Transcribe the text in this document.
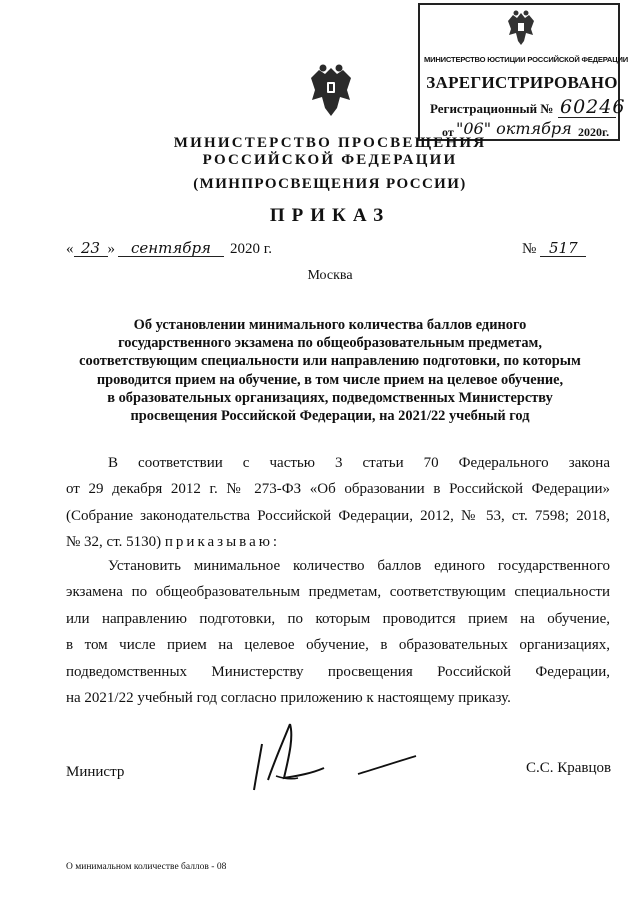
МИНИСТЕРСТВО ЮСТИЦИИ РОССИЙСКОЙ ФЕДЕРАЦИИ
ЗАРЕГИСТРИРОВАНО
Регистрационный № 60246
от "06" октября 2020г.
МИНИСТЕРСТВО ПРОСВЕЩЕНИЯ
РОССИЙСКОЙ ФЕДЕРАЦИИ
(МИНПРОСВЕЩЕНИЯ РОССИИ)
ПРИКАЗ
« 23 » сентября 2020 г.	№ 517
Москва
Об установлении минимального количества баллов единого
государственного экзамена по общеобразовательным предметам,
соответствующим специальности или направлению подготовки, по которым
проводится прием на обучение, в том числе прием на целевое обучение,
в образовательных организациях, подведомственных Министерству
просвещения Российской Федерации, на 2021/22 учебный год
В соответствии с частью 3 статьи 70 Федерального закона
от 29 декабря 2012 г. № 273-ФЗ «Об образовании в Российской Федерации»
(Собрание законодательства Российской Федерации, 2012, № 53, ст. 7598; 2018,
№ 32, ст. 5130) приказываю:
Установить минимальное количество баллов единого государственного
экзамена по общеобразовательным предметам, соответствующим специальности
или направлению подготовки, по которым проводится прием на обучение,
в том числе прием на целевое обучение, в образовательных организациях,
подведомственных Министерству просвещения Российской Федерации,
на 2021/22 учебный год согласно приложению к настоящему приказу.
Министр	С.С. Кравцов
О минимальном количестве баллов - 08
